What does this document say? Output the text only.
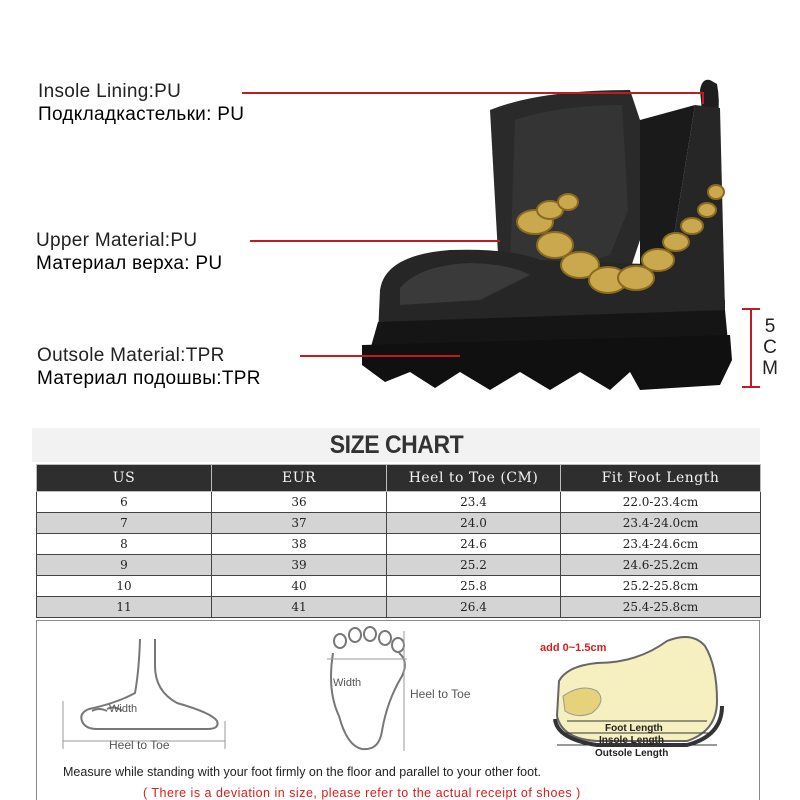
Insole Lining:PU
Подкладкастельки: PU
Upper Material:PU
Материал верха: PU
Outsole Material:TPR
Материал подошвы:TPR
5
C
M
SIZE CHART
US	EUR	Heel to Toe (CM)	Fit Foot Length
6	36	23.4	22.0-23.4cm
7	37	24.0	23.4-24.0cm
8	38	24.6	23.4-24.6cm
9	39	25.2	24.6-25.2cm
10	40	25.8	25.2-25.8cm
11	41	26.4	25.4-25.8cm
Width
Heel to Toe
Width
Heel to Toe
add 0~1.5cm
Foot Length
Insole Length
Outsole Length
Measure while standing with your foot firmly on the floor and parallel to your other foot.
( There is a deviation in size, please refer to the actual receipt of shoes )
